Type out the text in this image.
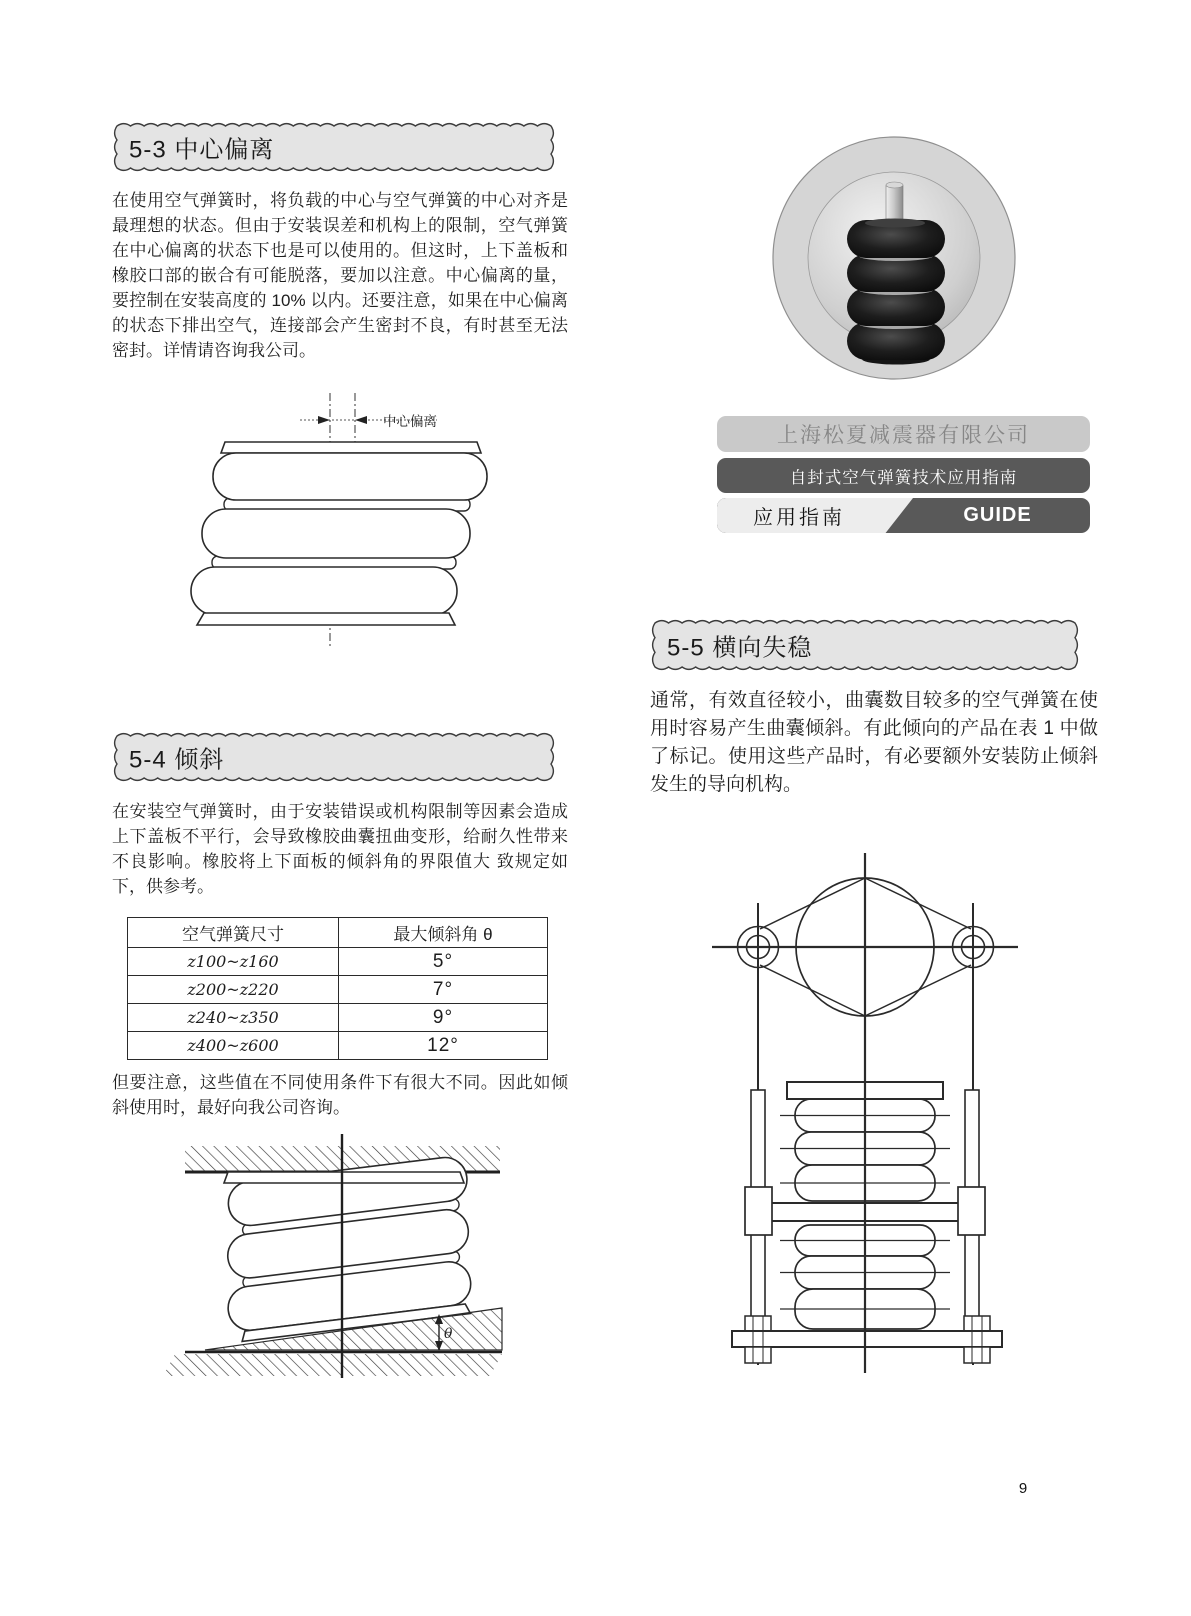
5-3 中心偏离
在使用空气弹簧时，将负载的中心与空气弹簧的中心对齐是最理想的状态。但由于安装误差和机构上的限制，空气弹簧在中心偏离的状态下也是可以使用的。但这时，上下盖板和橡胶口部的嵌合有可能脱落，要加以注意。中心偏离的量，要控制在安装高度的 10% 以内。还要注意，如果在中心偏离的状态下排出空气，连接部会产生密封不良，有时甚至无法密封。详情请咨询我公司。
中心偏离
5-4 倾斜
在安装空气弹簧时，由于安装错误或机构限制等因素会造成上下盖板不平行，会导致橡胶曲囊扭曲变形，给耐久性带来不良影响。橡胶将上下面板的倾斜角的界限值大 致规定如下，供参考。
空气弹簧尺寸	最大倾斜角 θ
z100~z160	5°
z200~z220	7°
z240~z350	9°
z400~z600	12°
但要注意，这些值在不同使用条件下有很大不同。因此如倾斜使用时，最好向我公司咨询。
θ
上海松夏减震器有限公司
自封式空气弹簧技术应用指南
应用指南	GUIDE
5-5 横向失稳
通常，有效直径较小，曲囊数目较多的空气弹簧在使用时容易产生曲囊倾斜。有此倾向的产品在表 1 中做了标记。使用这些产品时，有必要额外安装防止倾斜发生的导向机构。
9
